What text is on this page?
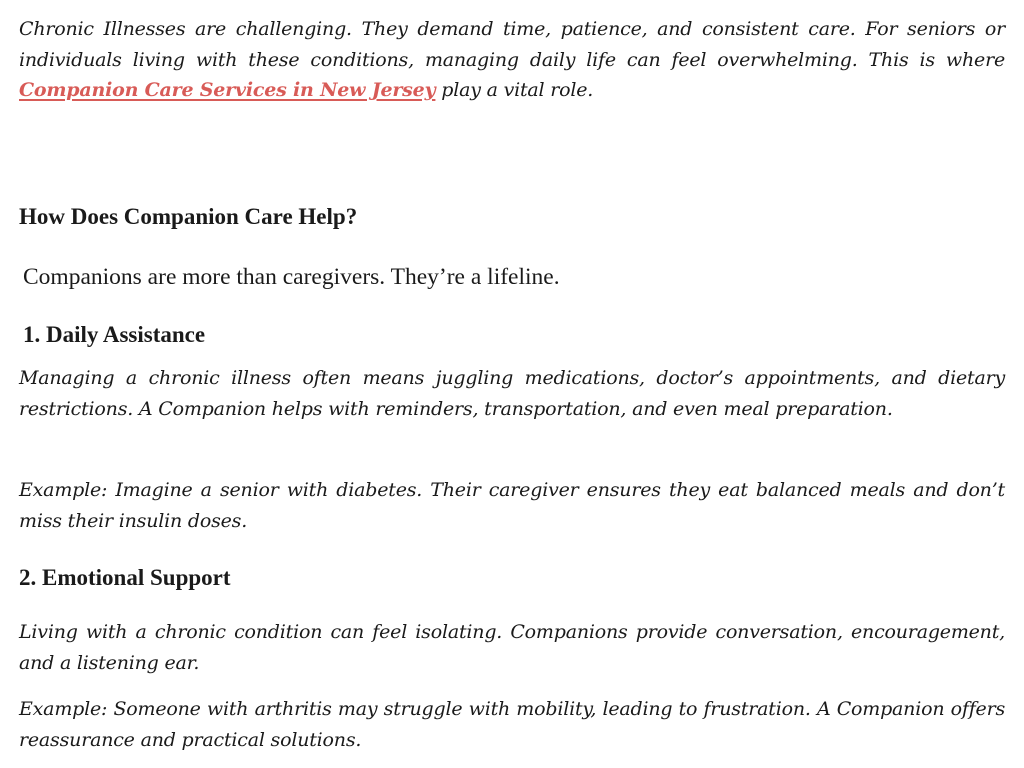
Chronic Illnesses are challenging. They demand time, patience, and consistent care. For seniors or individuals living with these conditions, managing daily life can feel overwhelming. This is where Companion Care Services in New Jersey play a vital role.

How Does Companion Care Help?

Companions are more than caregivers. They’re a lifeline.

1. Daily Assistance

Managing a chronic illness often means juggling medications, doctor’s appointments, and dietary restrictions. A Companion helps with reminders, transportation, and even meal preparation.

Example: Imagine a senior with diabetes. Their caregiver ensures they eat balanced meals and don’t miss their insulin doses.

2. Emotional Support

Living with a chronic condition can feel isolating. Companions provide conversation, encouragement, and a listening ear.

Example: Someone with arthritis may struggle with mobility, leading to frustration. A Companion offers reassurance and practical solutions.
